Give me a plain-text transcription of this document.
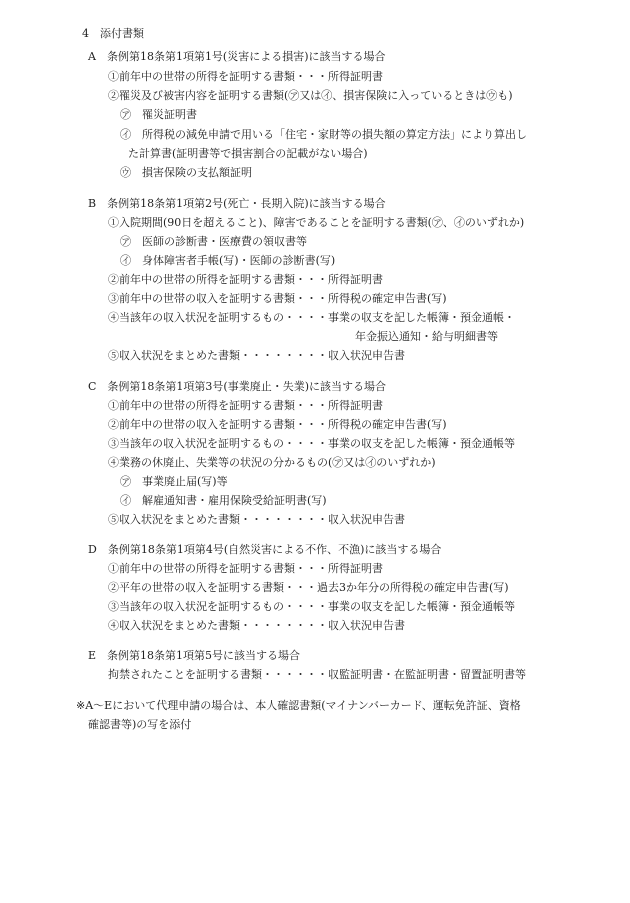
4　添付書類
A　条例第18条第1項第1号(災害による損害)に該当する場合
①前年中の世帯の所得を証明する書類・・・所得証明書
②罹災及び被害内容を証明する書類(㋐又は㋑、損害保険に入っているときは㋒も)
㋐　罹災証明書
㋑　所得税の減免申請で用いる「住宅・家財等の損失額の算定方法」により算出し
た計算書(証明書等で損害割合の記載がない場合)
㋒　損害保険の支払額証明
B　条例第18条第1項第2号(死亡・長期入院)に該当する場合
①入院期間(90日を超えること)、障害であることを証明する書類(㋐、㋑のいずれか)
㋐　医師の診断書・医療費の領収書等
㋑　身体障害者手帳(写)・医師の診断書(写)
②前年中の世帯の所得を証明する書類・・・所得証明書
③前年中の世帯の収入を証明する書類・・・所得税の確定申告書(写)
④当該年の収入状況を証明するもの・・・・事業の収支を記した帳簿・預金通帳・
年金振込通知・給与明細書等
⑤収入状況をまとめた書類・・・・・・・・収入状況申告書
C　条例第18条第1項第3号(事業廃止・失業)に該当する場合
①前年中の世帯の所得を証明する書類・・・所得証明書
②前年中の世帯の収入を証明する書類・・・所得税の確定申告書(写)
③当該年の収入状況を証明するもの・・・・事業の収支を記した帳簿・預金通帳等
④業務の休廃止、失業等の状況の分かるもの(㋐又は㋑のいずれか)
㋐　事業廃止届(写)等
㋑　解雇通知書・雇用保険受給証明書(写)
⑤収入状況をまとめた書類・・・・・・・・収入状況申告書
D　条例第18条第1項第4号(自然災害による不作、不漁)に該当する場合
①前年中の世帯の所得を証明する書類・・・所得証明書
②平年の世帯の収入を証明する書類・・・過去3か年分の所得税の確定申告書(写)
③当該年の収入状況を証明するもの・・・・事業の収支を記した帳簿・預金通帳等
④収入状況をまとめた書類・・・・・・・・収入状況申告書
E　条例第18条第1項第5号に該当する場合
拘禁されたことを証明する書類・・・・・・収監証明書・在監証明書・留置証明書等
※A～Eにおいて代理申請の場合は、本人確認書類(マイナンバーカード、運転免許証、資格
確認書等)の写を添付
